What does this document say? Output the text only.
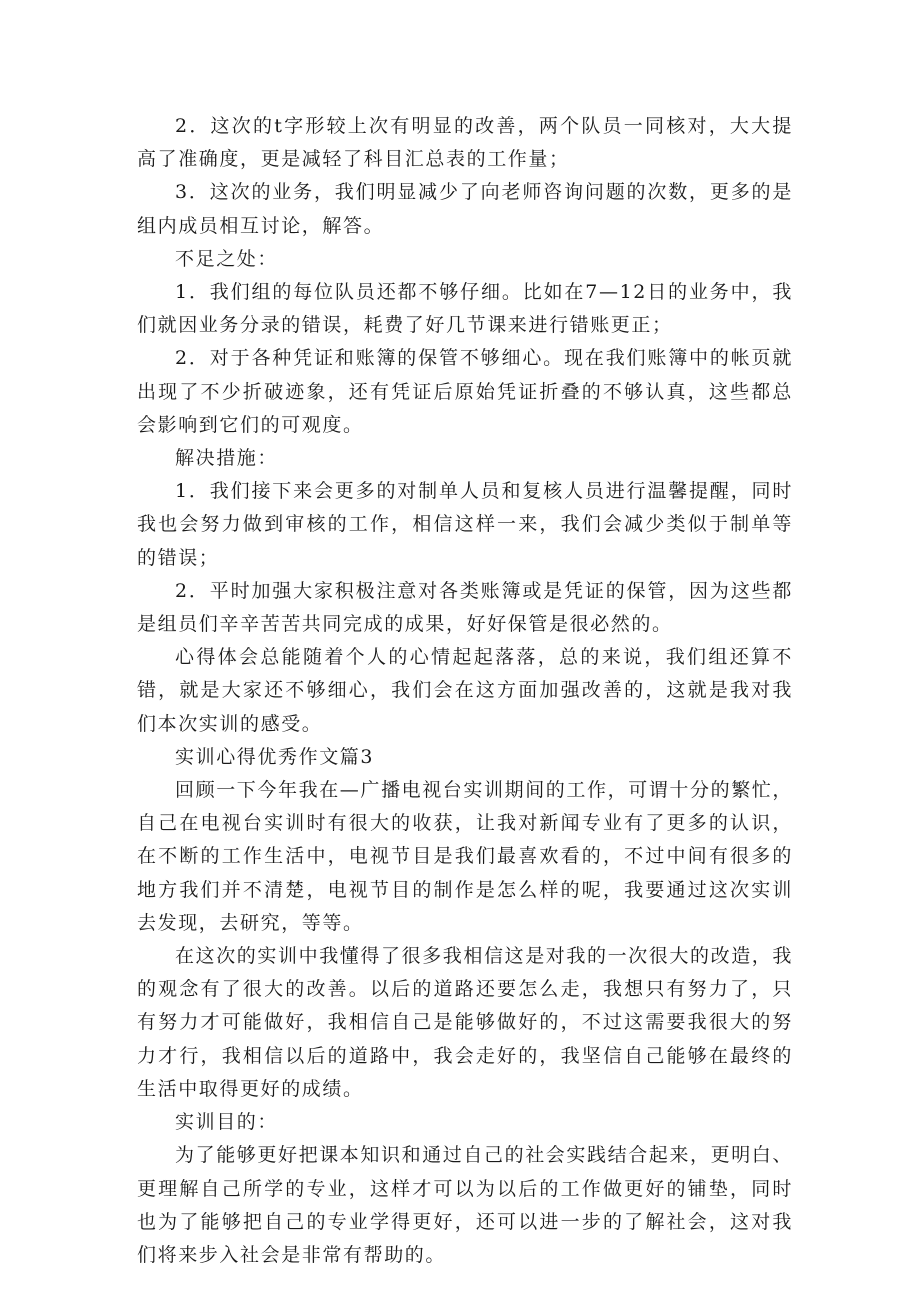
2．这次的t字形较上次有明显的改善，两个队员一同核对，大大提高了准确度，更是减轻了科目汇总表的工作量；

3．这次的业务，我们明显减少了向老师咨询问题的次数，更多的是组内成员相互讨论，解答。

不足之处：

1．我们组的每位队员还都不够仔细。比如在7—12日的业务中，我们就因业务分录的错误，耗费了好几节课来进行错账更正；

2．对于各种凭证和账簿的保管不够细心。现在我们账簿中的帐页就出现了不少折破迹象，还有凭证后原始凭证折叠的不够认真，这些都总会影响到它们的可观度。

解决措施：

1．我们接下来会更多的对制单人员和复核人员进行温馨提醒，同时我也会努力做到审核的工作，相信这样一来，我们会减少类似于制单等的错误；

2．平时加强大家积极注意对各类账簿或是凭证的保管，因为这些都是组员们辛辛苦苦共同完成的成果，好好保管是很必然的。

心得体会总能随着个人的心情起起落落，总的来说，我们组还算不错，就是大家还不够细心，我们会在这方面加强改善的，这就是我对我们本次实训的感受。

实训心得优秀作文篇3

回顾一下今年我在—广播电视台实训期间的工作，可谓十分的繁忙，自己在电视台实训时有很大的收获，让我对新闻专业有了更多的认识，在不断的工作生活中，电视节目是我们最喜欢看的，不过中间有很多的地方我们并不清楚，电视节目的制作是怎么样的呢，我要通过这次实训去发现，去研究，等等。

在这次的实训中我懂得了很多我相信这是对我的一次很大的改造，我的观念有了很大的改善。以后的道路还要怎么走，我想只有努力了，只有努力才可能做好，我相信自己是能够做好的，不过这需要我很大的努力才行，我相信以后的道路中，我会走好的，我坚信自己能够在最终的生活中取得更好的成绩。

实训目的：

为了能够更好把课本知识和通过自己的社会实践结合起来，更明白、更理解自己所学的专业，这样才可以为以后的工作做更好的铺垫，同时也为了能够把自己的专业学得更好，还可以进一步的了解社会，这对我们将来步入社会是非常有帮助的。
